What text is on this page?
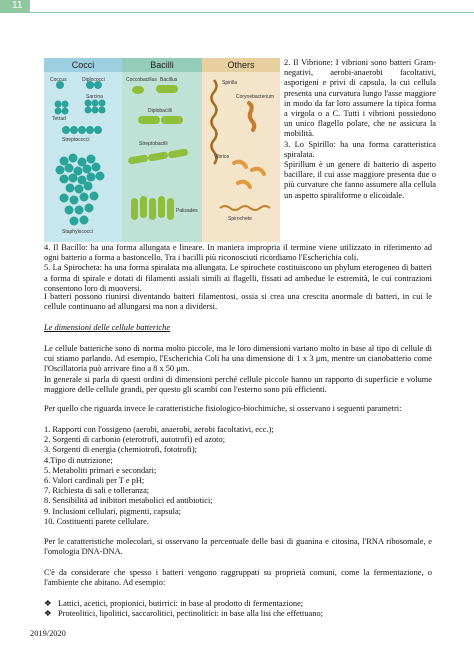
11
Cocci	Bacilli	Others
Coccus	Diplococci
Tetrad
Sarcina
Streptococci
Staphylococci
Coccobacillus Bacillus
Diplobacilli
Streptobacilli
Palisades
Spirilla
Corynebacterium
Vibrios
Spirochete

2. Il Vibrione: I vibrioni sono batteri Gram-negativi, aerobi-anaerobi facoltativi, asporigeni e privi di capsula, la cui cellula presenta una curvatura lungo l'asse maggiore in modo da far loro assumere la tipica forma a virgola o a C. Tutti i vibrioni possiedono un unico flagello polare, che ne assicura la mobilità.

3. Lo Spirillo: ha una forma caratteristica spiralata.

Spirillum è un genere di batterio di aspetto bacillare, il cui asse maggiore presenta due o più curvature che fanno assumere alla cellula un aspetto spiraliforme o elicoidale.

4. Il Bacillo: ha una forma allungata e lineare. In maniera impropria il termine viene utilizzato in riferimento ad ogni batterio a forma a bastoncello. Tra i bacilli più riconosciuti ricordiamo l'Escherichia coli.

5. La Spirocheta: ha una forma spiralata ma allungata. Le spirochete costituiscono un phylum eterogeneo di batteri a forma di spirale e dotati di filamenti assiali simili ai flagelli, fissati ad ambedue le estremità, le cui contrazioni consentono loro di muoversi.

I batteri possono riunirsi diventando batteri filamentosi, ossia si crea una crescita anormale di batteri, in cui le cellule continuano ad allungarsi ma non a dividersi.
Le dimensioni delle cellule batteriche

Le cellule batteriche sono di norma molto piccole, ma le loro dimensioni variano molto in base al tipo di cellule di cui stiamo parlando. Ad esempio, l'Escherichia Coli ha una dimensione di 1 x 3 μm, mentre un cianobatterio come l'Oscillatoria può arrivare fino a 8 x 50 μm.

In generale si parla di questi ordini di dimensioni perché cellule piccole hanno un rapporto di superficie e volume maggiore delle cellule grandi, per questo gli scambi con l'esterno sono più efficienti.

Per quello che riguarda invece le caratteristiche fisiologico-biochimiche, si osservano i seguenti parametri:

1. Rapporti con l'ossigeno (aerobi, anaerobi, aerobi facoltativi, ecc.);

2. Sorgenti di carbonio (eterotrofi, autotrofi) ed azoto;

3. Sorgenti di energia (chemiotrofi, fototrofi);

4.Tipo di nutrizione;

5. Metaboliti primari e secondari;

6. Valori cardinali per T e pH;

7. Richiesta di sali e tolleranza;

8. Sensibilità ad inibitori metabolici ed antibiotici;

9. Inclusioni cellulari, pigmenti, capsula;

10. Costituenti parete cellulare.

Per le caratteristiche molecolari, si osservano la percentuale delle basi di guanina e citosina, l'RNA ribosomale, e l'omologia DNA-DNA.
C'è da considerare che spesso i batteri vengono raggruppati su proprietà comuni, come la fermentazione, o l'ambiente che abitano. Ad esempio:

❖ Lattici, acetici, propionici, butirrici: in base al prodotto di fermentazione;

❖ Proteolitici, lipolitici, saccarolitici, pectinolitici: in base alla lisi che effettuano;

2019/2020
